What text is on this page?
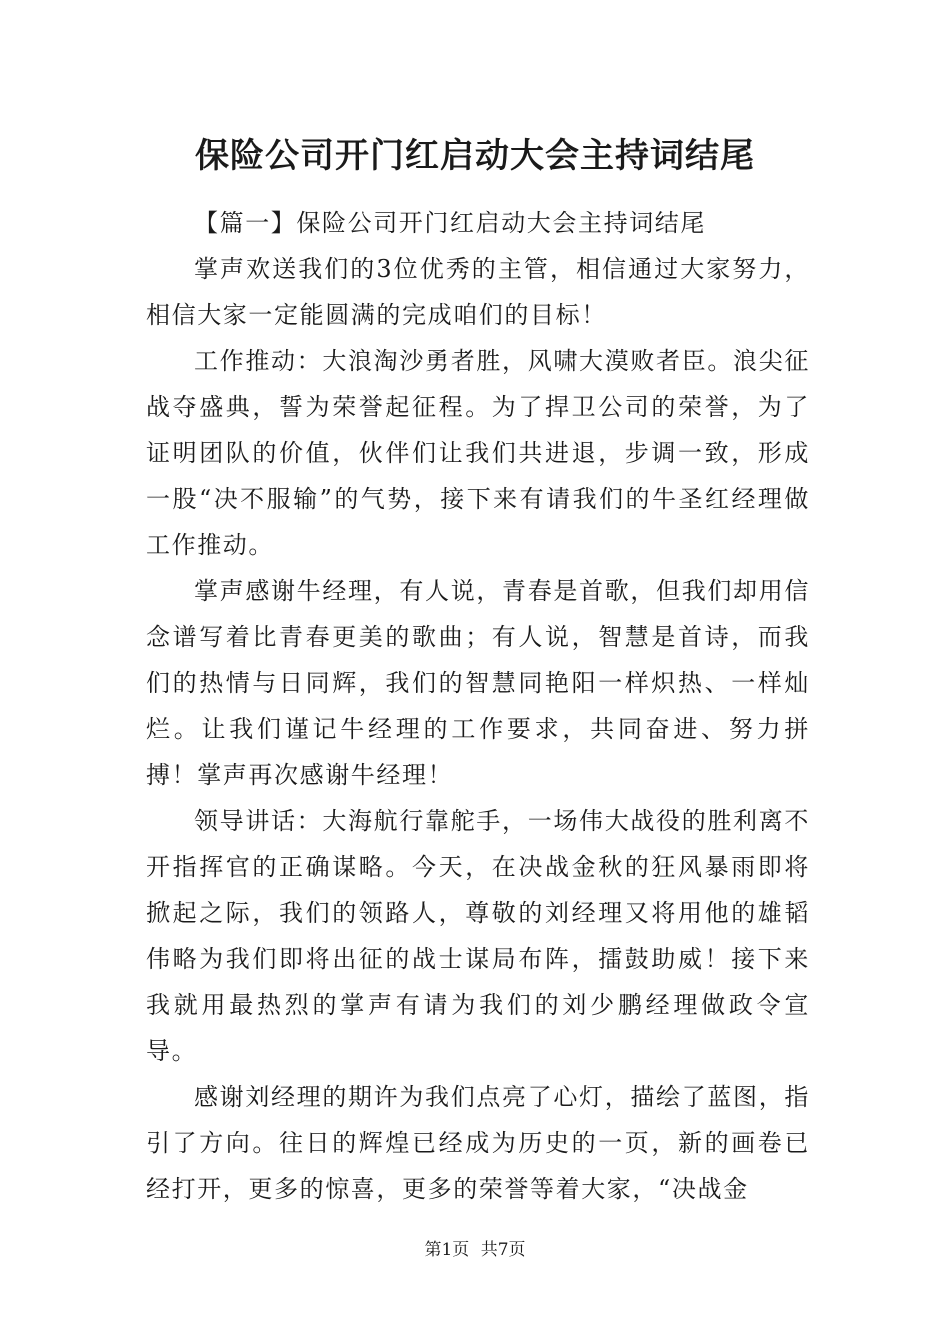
保险公司开门红启动大会主持词结尾

【篇一】保险公司开门红启动大会主持词结尾

掌声欢送我们的3位优秀的主管，相信通过大家努力，相信大家一定能圆满的完成咱们的目标！

工作推动：大浪淘沙勇者胜，风啸大漠败者臣。浪尖征战夺盛典，誓为荣誉起征程。为了捍卫公司的荣誉，为了证明团队的价值，伙伴们让我们共进退，步调一致，形成一股“决不服输”的气势，接下来有请我们的牛圣红经理做工作推动。

掌声感谢牛经理，有人说，青春是首歌，但我们却用信念谱写着比青春更美的歌曲；有人说，智慧是首诗，而我们的热情与日同辉，我们的智慧同艳阳一样炽热、一样灿烂。让我们谨记牛经理的工作要求，共同奋进、努力拼搏！掌声再次感谢牛经理！

领导讲话：大海航行靠舵手，一场伟大战役的胜利离不开指挥官的正确谋略。今天，在决战金秋的狂风暴雨即将掀起之际，我们的领路人，尊敬的刘经理又将用他的雄韬伟略为我们即将出征的战士谋局布阵，擂鼓助威！接下来我就用最热烈的掌声有请为我们的刘少鹏经理做政令宣导。

感谢刘经理的期许为我们点亮了心灯，描绘了蓝图，指引了方向。往日的辉煌已经成为历史的一页，新的画卷已经打开，更多的惊喜，更多的荣誉等着大家，“决战金

第1页 共7页
